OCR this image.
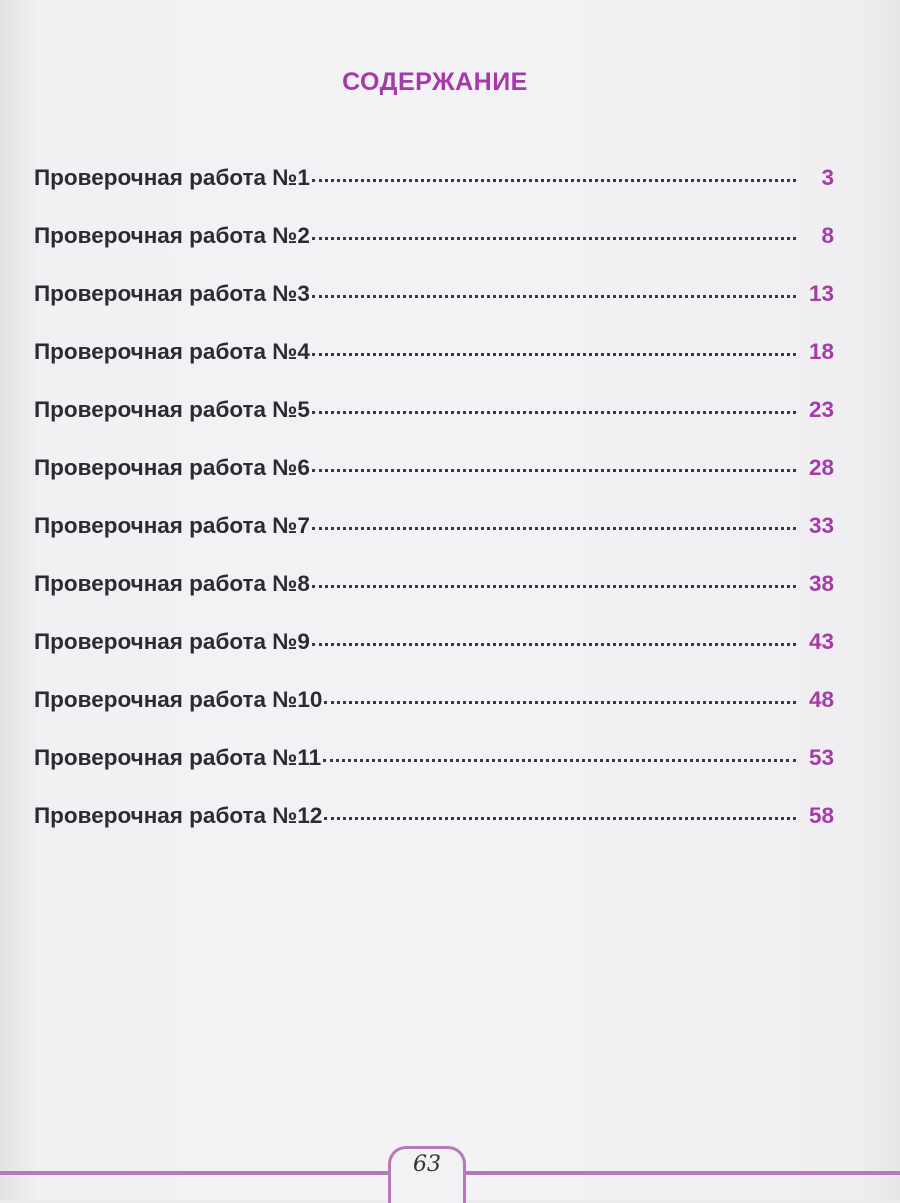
СОДЕРЖАНИЕ
Проверочная работа №1	3
Проверочная работа №2	8
Проверочная работа №3	13
Проверочная работа №4	18
Проверочная работа №5	23
Проверочная работа №6	28
Проверочная работа №7	33
Проверочная работа №8	38
Проверочная работа №9	43
Проверочная работа №10	48
Проверочная работа №11	53
Проверочная работа №12	58
63
